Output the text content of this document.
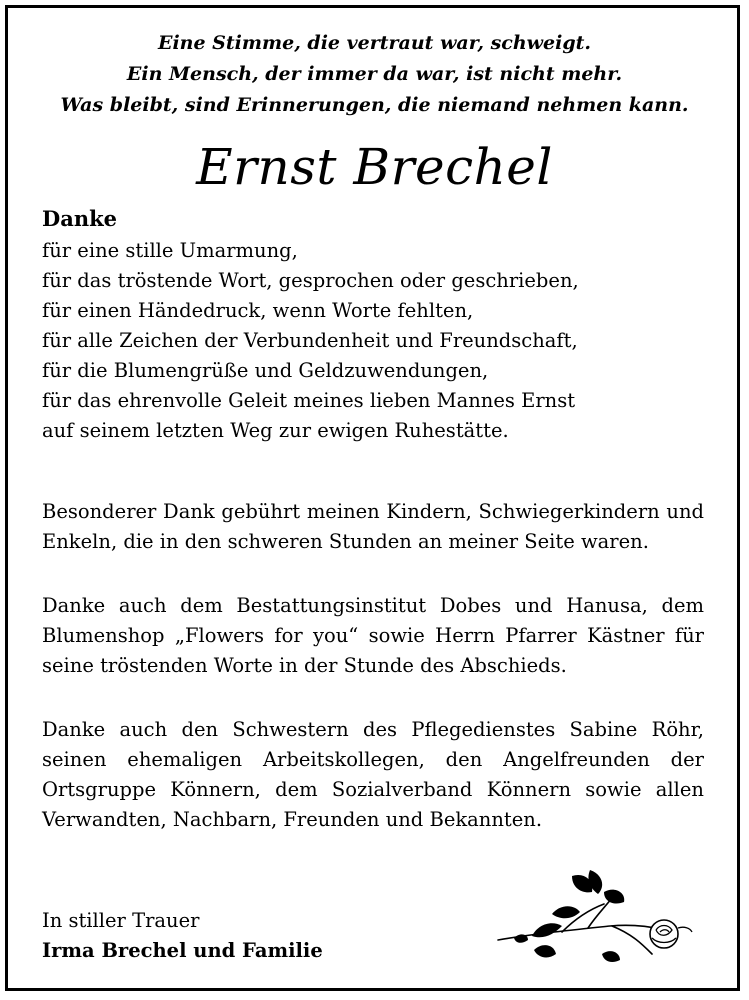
Eine Stimme, die vertraut war, schweigt.
Ein Mensch, der immer da war, ist nicht mehr.
Was bleibt, sind Erinnerungen, die niemand nehmen kann.
Ernst Brechel
Danke
für eine stille Umarmung,
für das tröstende Wort, gesprochen oder geschrieben,
für einen Händedruck, wenn Worte fehlten,
für alle Zeichen der Verbundenheit und Freundschaft,
für die Blumengrüße und Geldzuwendungen,
für das ehrenvolle Geleit meines lieben Mannes Ernst
auf seinem letzten Weg zur ewigen Ruhestätte.
Besonderer Dank gebührt meinen Kindern, Schwiegerkindern und Enkeln, die in den schweren Stunden an meiner Seite waren.
Danke auch dem Bestattungsinstitut Dobes und Hanusa, dem Blumenshop „Flowers for you“ sowie Herrn Pfarrer Kästner für seine tröstenden Worte in der Stunde des Abschieds.
Danke auch den Schwestern des Pflegedienstes Sabine Röhr, seinen ehemaligen Arbeitskollegen, den Angelfreunden der Ortsgruppe Könnern, dem Sozialverband Könnern sowie allen Verwandten, Nachbarn, Freunden und Bekannten.
In stiller Trauer
Irma Brechel und Familie
